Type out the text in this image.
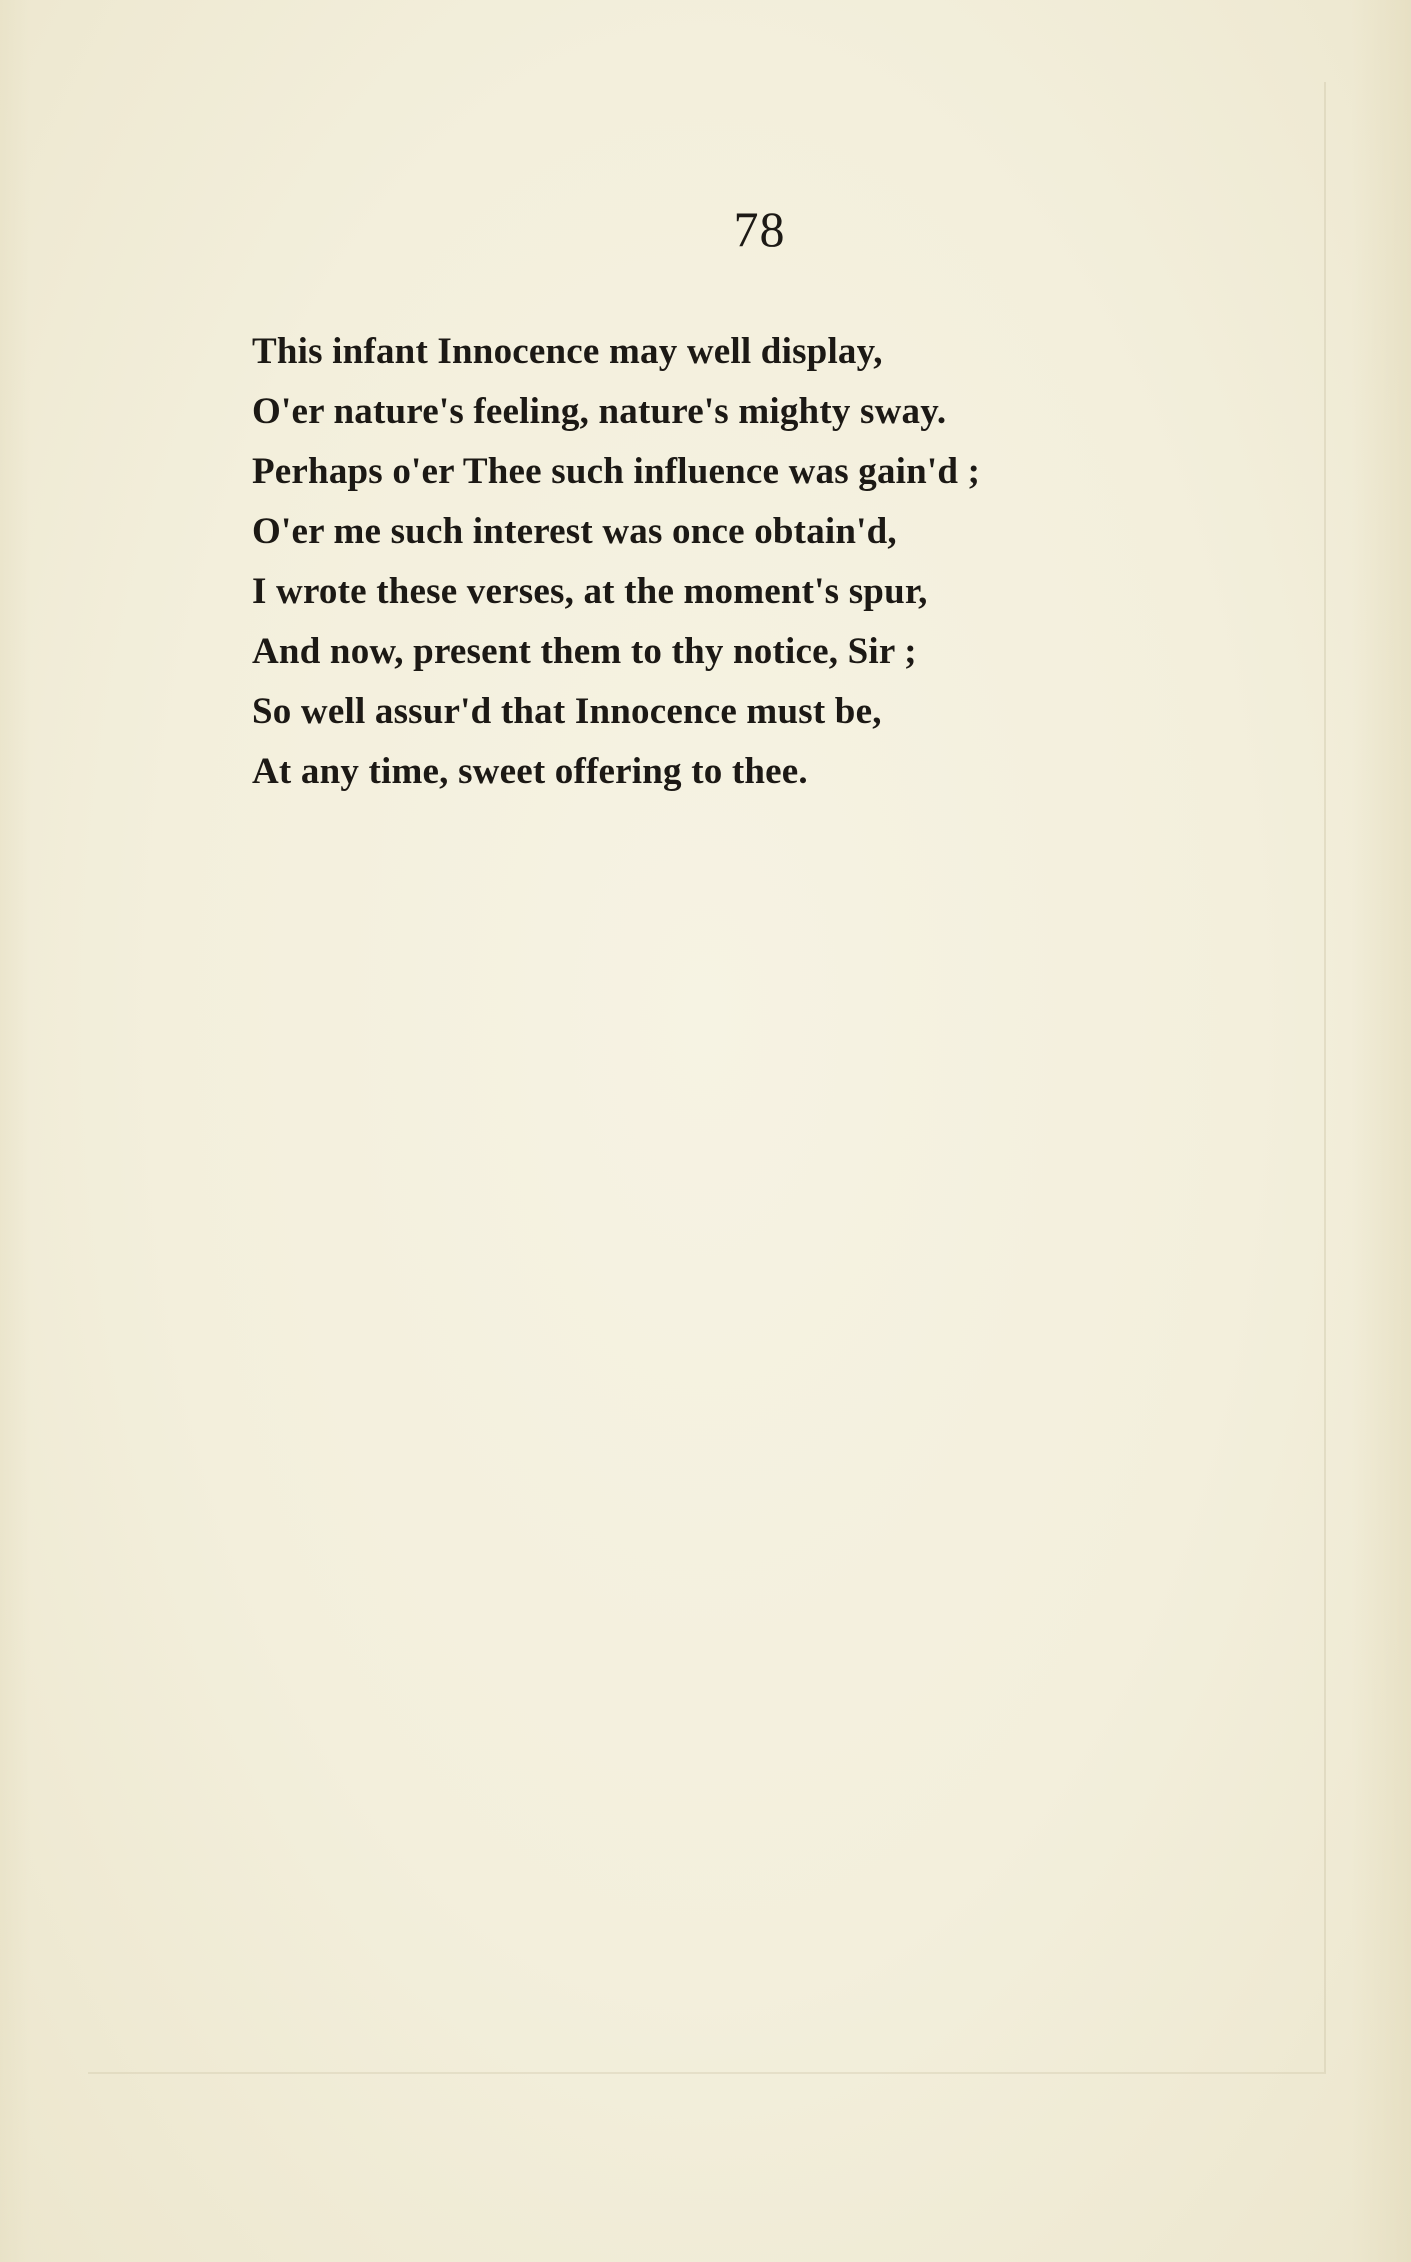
78
This infant Innocence may well display,
O'er nature's feeling, nature's mighty sway.
Perhaps o'er Thee such influence was gain'd ;
O'er me such interest was once obtain'd,
I wrote these verses, at the moment's spur,
And now, present them to thy notice, Sir ;
So well assur'd that Innocence must be,
At any time, sweet offering to thee.
